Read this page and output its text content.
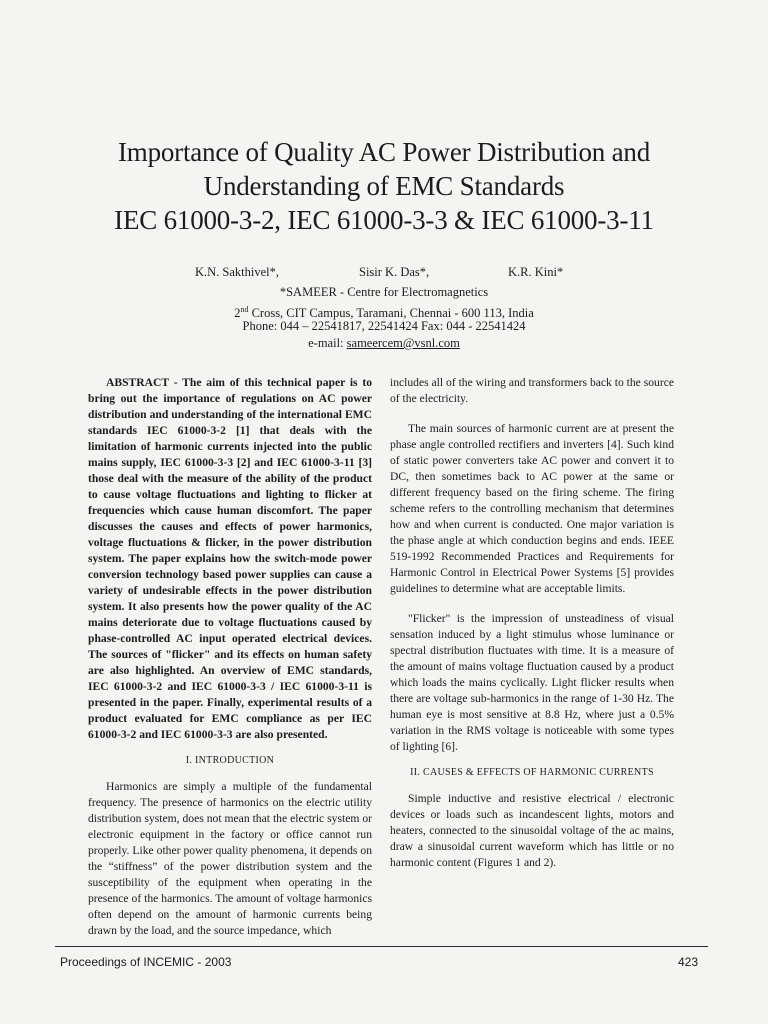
Importance of Quality AC Power Distribution and
Understanding of EMC Standards
IEC 61000-3-2, IEC 61000-3-3 & IEC 61000-3-11
K.N. Sakthivel*,	Sisir K. Das*,	K.R. Kini*
*SAMEER - Centre for Electromagnetics
2nd Cross, CIT Campus, Taramani, Chennai - 600 113, India
Phone: 044 – 22541817, 22541424 Fax: 044 - 22541424
e-mail: sameercem@vsnl.com

ABSTRACT - The aim of this technical paper is to bring out the importance of regulations on AC power distribution and understanding of the international EMC standards IEC 61000-3-2 [1] that deals with the limitation of harmonic currents injected into the public mains supply, IEC 61000-3-3 [2] and IEC 61000-3-11 [3] those deal with the measure of the ability of the product to cause voltage fluctuations and lighting to flicker at frequencies which cause human discomfort. The paper discusses the causes and effects of power harmonics, voltage fluctuations & flicker, in the power distribution system. The paper explains how the switch-mode power conversion technology based power supplies can cause a variety of undesirable effects in the power distribution system. It also presents how the power quality of the AC mains deteriorate due to voltage fluctuations caused by phase-controlled AC input operated electrical devices. The sources of "flicker" and its effects on human safety are also highlighted. An overview of EMC standards, IEC 61000-3-2 and IEC 61000-3-3 / IEC 61000-3-11 is presented in the paper. Finally, experimental results of a product evaluated for EMC compliance as per IEC 61000-3-2 and IEC 61000-3-3 are also presented.

I. INTRODUCTION

Harmonics are simply a multiple of the fundamental frequency. The presence of harmonics on the electric utility distribution system, does not mean that the electric system or electronic equipment in the factory or office cannot run properly. Like other power quality phenomena, it depends on the “stiffness” of the power distribution system and the susceptibility of the equipment when operating in the presence of the harmonics. The amount of voltage harmonics often depend on the amount of harmonic currents being drawn by the load, and the source impedance, which

includes all of the wiring and transformers back to the source of the electricity.

The main sources of harmonic current are at present the phase angle controlled rectifiers and inverters [4]. Such kind of static power converters take AC power and convert it to DC, then sometimes back to AC power at the same or different frequency based on the firing scheme. The firing scheme refers to the controlling mechanism that determines how and when current is conducted. One major variation is the phase angle at which conduction begins and ends. IEEE 519-1992 Recommended Practices and Requirements for Harmonic Control in Electrical Power Systems [5] provides guidelines to determine what are acceptable limits.

"Flicker" is the impression of unsteadiness of visual sensation induced by a light stimulus whose luminance or spectral distribution fluctuates with time. It is a measure of the amount of mains voltage fluctuation caused by a product which loads the mains cyclically. Light flicker results when there are voltage sub-harmonics in the range of 1-30 Hz. The human eye is most sensitive at 8.8 Hz, where just a 0.5% variation in the RMS voltage is noticeable with some types of lighting [6].

II. CAUSES & EFFECTS OF HARMONIC CURRENTS

Simple inductive and resistive electrical / electronic devices or loads such as incandescent lights, motors and heaters, connected to the sinusoidal voltage of the ac mains, draw a sinusoidal current waveform which has little or no harmonic content (Figures 1 and 2).

Proceedings of INCEMIC - 2003	423
